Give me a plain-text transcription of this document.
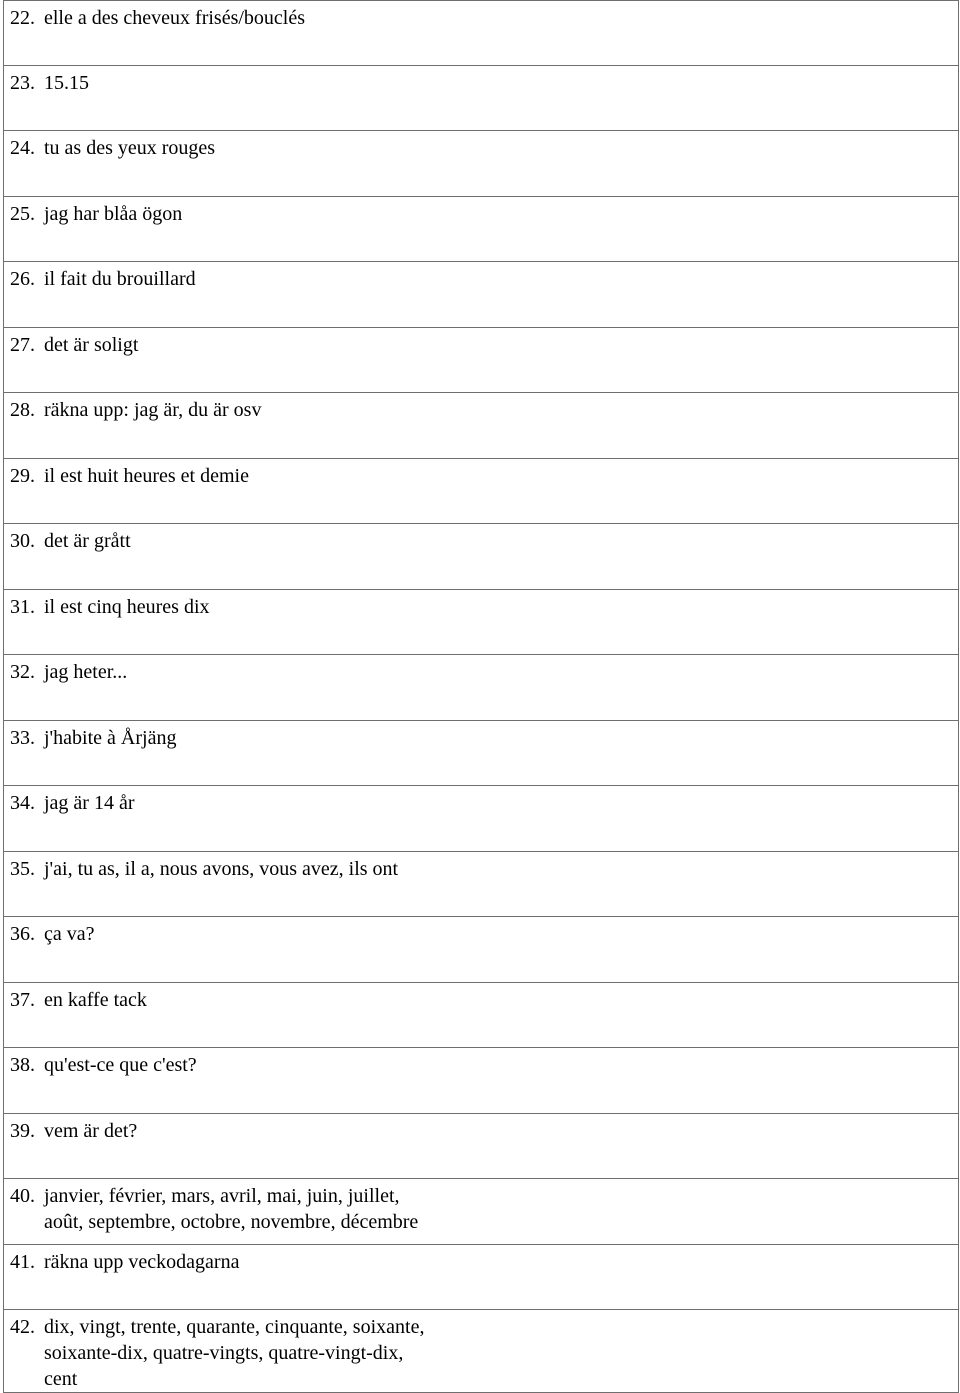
22. elle a des cheveux frisés/bouclés
23. 15.15
24. tu as des yeux rouges
25. jag har blåa ögon
26. il fait du brouillard
27. det är soligt
28. räkna upp: jag är, du är osv
29. il est huit heures et demie
30. det är grått
31. il est cinq heures dix
32. jag heter...
33. j'habite à Årjäng
34. jag är 14 år
35. j'ai, tu as, il a, nous avons, vous avez, ils ont
36. ça va?
37. en kaffe tack
38. qu'est-ce que c'est?
39. vem är det?
40. janvier, février, mars, avril, mai, juin, juillet,
août, septembre, octobre, novembre, décembre
41. räkna upp veckodagarna
42. dix, vingt, trente, quarante, cinquante, soixante,
soixante-dix, quatre-vingts, quatre-vingt-dix,
cent
